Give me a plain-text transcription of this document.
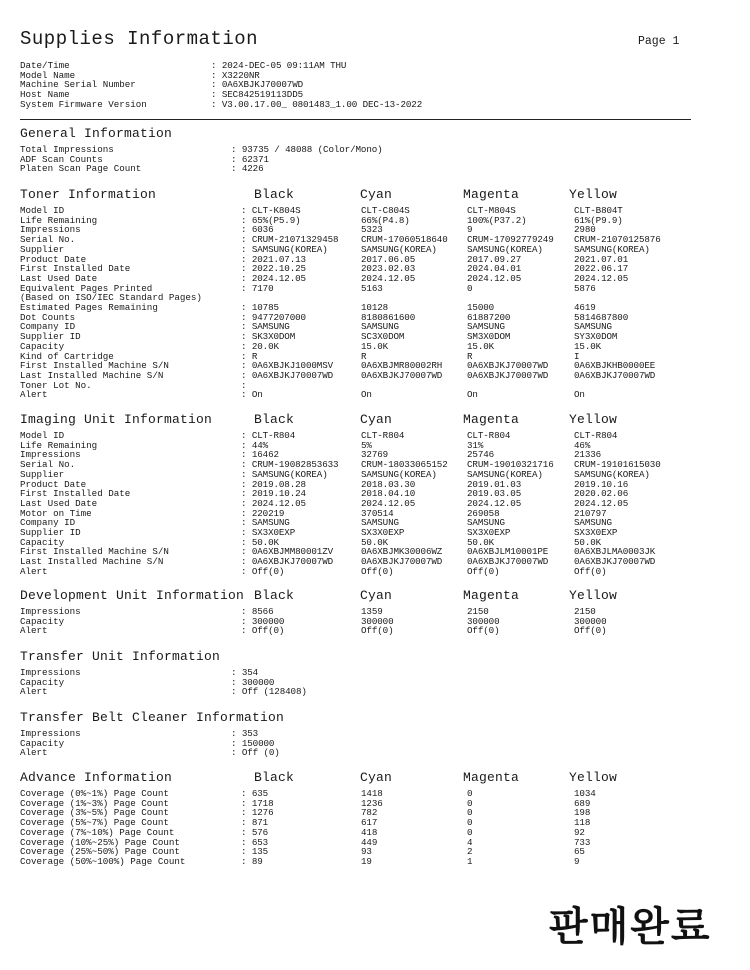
Supplies Information	Page 1
판매완료
Date/Time	: 2024-DEC-05 09:11AM THU
Model Name	: X3220NR
Machine Serial Number	: 0A6XBJKJ70007WD
Host Name	: SEC842519113DD5
System Firmware Version	: V3.00.17.00_ 0801483_1.00 DEC-13-2022
General Information
Total Impressions	: 93735 / 48088 (Color/Mono)
ADF Scan Counts	: 62371
Platen Scan Page Count	: 4226
Toner Information	Black	Cyan	Magenta	Yellow
Model ID	: CLT-K804S	CLT-C804S	CLT-M804S	CLT-B804T
Life Remaining	: 65%(P5.9)	66%(P4.8)	100%(P37.2)	61%(P9.9)
Impressions	: 6036	5323	9	2980
Serial No.	: CRUM-21071329458 CRUM-17060518640 CRUM-17092779249 CRUM-21070125876
Supplier	: SAMSUNG(KOREA)	SAMSUNG(KOREA)	SAMSUNG(KOREA)	SAMSUNG(KOREA)
Product Date	: 2021.07.13	2017.06.05	2017.09.27	2021.07.01
First Installed Date	: 2022.10.25	2023.02.03	2024.04.01	2022.06.17
Last Used Date	: 2024.12.05	2024.12.05	2024.12.05	2024.12.05
Equivalent Pages Printed	: 7170	5163	0	5876
(Based on ISO/IEC Standard Pages)
Estimated Pages Remaining	: 10785	10128	15000	4619
Dot Counts	: 9477207000	8180861600	61887200	5814687800
Company ID	: SAMSUNG	SAMSUNG	SAMSUNG	SAMSUNG
Supplier ID	: SK3X0DOM	SC3X0DOM	SM3X0DOM	SY3X0DOM
Capacity	: 20.0K	15.0K	15.0K	15.0K
Kind of Cartridge	: R	R	R	I
First Installed Machine S/N	: 0A6XBJKJ1000MSV	0A6XBJMR80002RH	0A6XBJKJ70007WD	0A6XBJKHB0000EE
Last Installed Machine S/N	: 0A6XBJKJ70007WD	0A6XBJKJ70007WD	0A6XBJKJ70007WD	0A6XBJKJ70007WD
Toner Lot No.	:
Alert	: On	On	On	On
Imaging Unit Information	Black	Cyan	Magenta	Yellow
Model ID	: CLT-R804	CLT-R804	CLT-R804	CLT-R804
Life Remaining	: 44%	5%	31%	46%
Impressions	: 16462	32769	25746	21336
Serial No.	: CRUM-19082853633 CRUM-18033065152 CRUM-19010321716 CRUM-19101615030
Supplier	: SAMSUNG(KOREA)	SAMSUNG(KOREA)	SAMSUNG(KOREA)	SAMSUNG(KOREA)
Product Date	: 2019.08.28	2018.03.30	2019.01.03	2019.10.16
First Installed Date	: 2019.10.24	2018.04.10	2019.03.05	2020.02.06
Last Used Date	: 2024.12.05	2024.12.05	2024.12.05	2024.12.05
Motor on Time	: 220219	370514	269058	210797
Company ID	: SAMSUNG	SAMSUNG	SAMSUNG	SAMSUNG
Supplier ID	: SX3X0EXP	SX3X0EXP	SX3X0EXP	SX3X0EXP
Capacity	: 50.0K	50.0K	50.0K	50.0K
First Installed Machine S/N	: 0A6XBJMM80001ZV	0A6XBJMK30006WZ	0A6XBJLM10001PE	0A6XBJLMA0003JK
Last Installed Machine S/N	: 0A6XBJKJ70007WD	0A6XBJKJ70007WD	0A6XBJKJ70007WD	0A6XBJKJ70007WD
Alert	: Off(0)	Off(0)	Off(0)	Off(0)
Development Unit Information Black	Cyan	Magenta	Yellow
Impressions	: 8566	1359	2150	2150
Capacity	: 300000	300000	300000	300000
Alert	: Off(0)	Off(0)	Off(0)	Off(0)
Transfer Unit Information
Impressions	: 354
Capacity	: 300000
Alert	: Off (128408)
Transfer Belt Cleaner Information
Impressions	: 353
Capacity	: 150000
Alert	: Off (0)
Advance Information	Black	Cyan	Magenta	Yellow
Coverage (0%~1%) Page Count	: 635	1418	0	1034
Coverage (1%~3%) Page Count	: 1718	1236	0	689
Coverage (3%~5%) Page Count	: 1276	782	0	198
Coverage (5%~7%) Page Count	: 871	617	0	118
Coverage (7%~10%) Page Count	: 576	418	0	92
Coverage (10%~25%) Page Count	: 653	449	4	733
Coverage (25%~50%) Page Count	: 135	93	2	65
Coverage (50%~100%) Page Count	: 89	19	1	9
